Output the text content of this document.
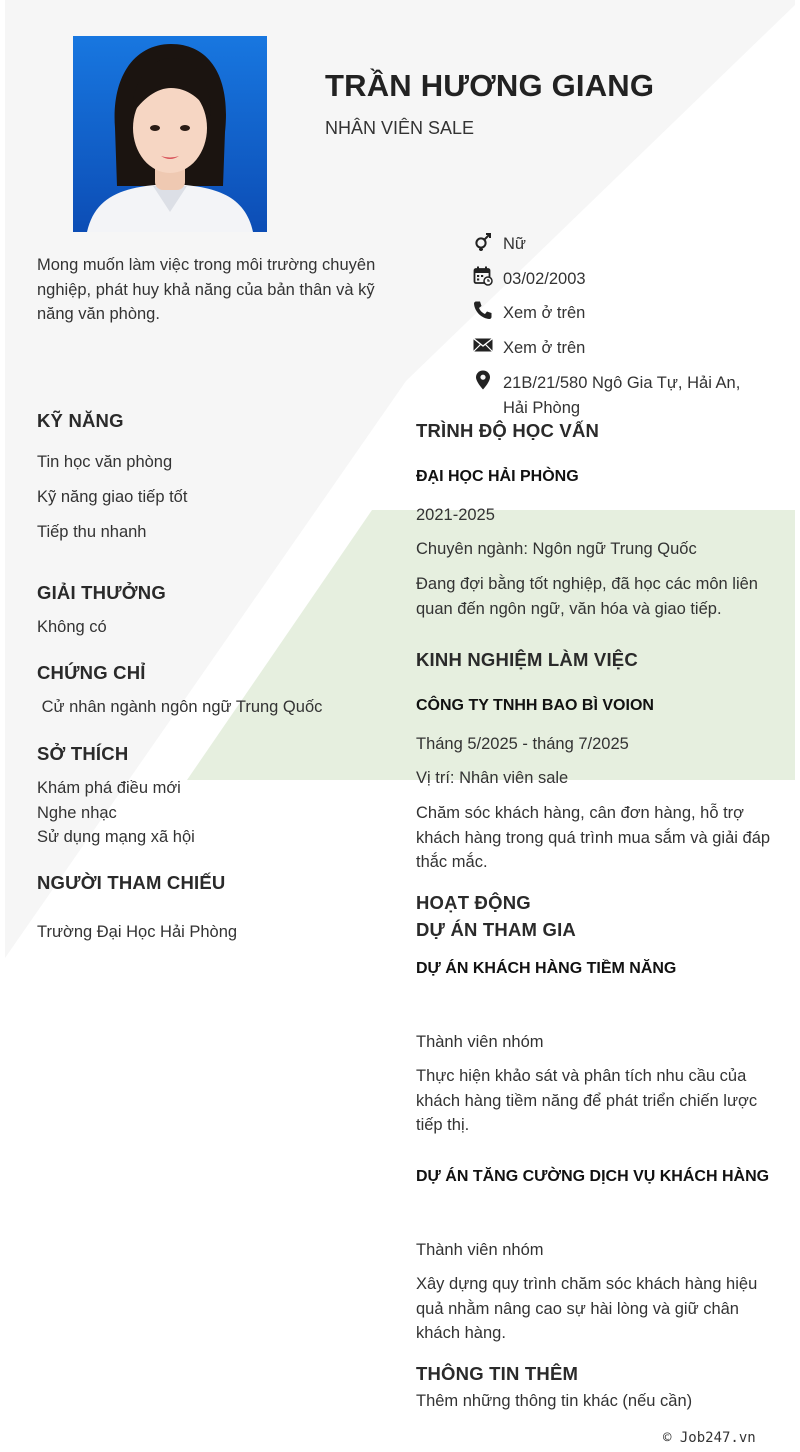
TRẦN HƯƠNG GIANG
NHÂN VIÊN SALE
Mong muốn làm việc trong môi trường chuyên nghiệp, phát huy khả năng của bản thân và kỹ năng văn phòng.
Nữ
03/02/2003
Xem ở trên
Xem ở trên
21B/21/580 Ngô Gia Tự, Hải An, Hải Phòng
KỸ NĂNG
Tin học văn phòng
Kỹ năng giao tiếp tốt
Tiếp thu nhanh
GIẢI THƯỞNG
Không có
CHỨNG CHỈ
Cử nhân ngành ngôn ngữ Trung Quốc
SỞ THÍCH
Khám phá điều mới
Nghe nhạc
Sử dụng mạng xã hội
NGƯỜI THAM CHIẾU
Trường Đại Học Hải Phòng
TRÌNH ĐỘ HỌC VẤN
ĐẠI HỌC HẢI PHÒNG
2021-2025
Chuyên ngành: Ngôn ngữ Trung Quốc
Đang đợi bằng tốt nghiệp, đã học các môn liên quan đến ngôn ngữ, văn hóa và giao tiếp.
KINH NGHIỆM LÀM VIỆC
CÔNG TY TNHH BAO BÌ VOION
Tháng 5/2025 - tháng 7/2025
Vị trí: Nhân viên sale
Chăm sóc khách hàng, cân đơn hàng, hỗ trợ khách hàng trong quá trình mua sắm và giải đáp thắc mắc.
HOẠT ĐỘNG
DỰ ÁN THAM GIA
DỰ ÁN KHÁCH HÀNG TIỀM NĂNG
Thành viên nhóm
Thực hiện khảo sát và phân tích nhu cầu của khách hàng tiềm năng để phát triển chiến lược tiếp thị.
DỰ ÁN TĂNG CƯỜNG DỊCH VỤ KHÁCH HÀNG
Thành viên nhóm
Xây dựng quy trình chăm sóc khách hàng hiệu quả nhằm nâng cao sự hài lòng và giữ chân khách hàng.
THÔNG TIN THÊM
Thêm những thông tin khác (nếu cần)
© Job247.vn
